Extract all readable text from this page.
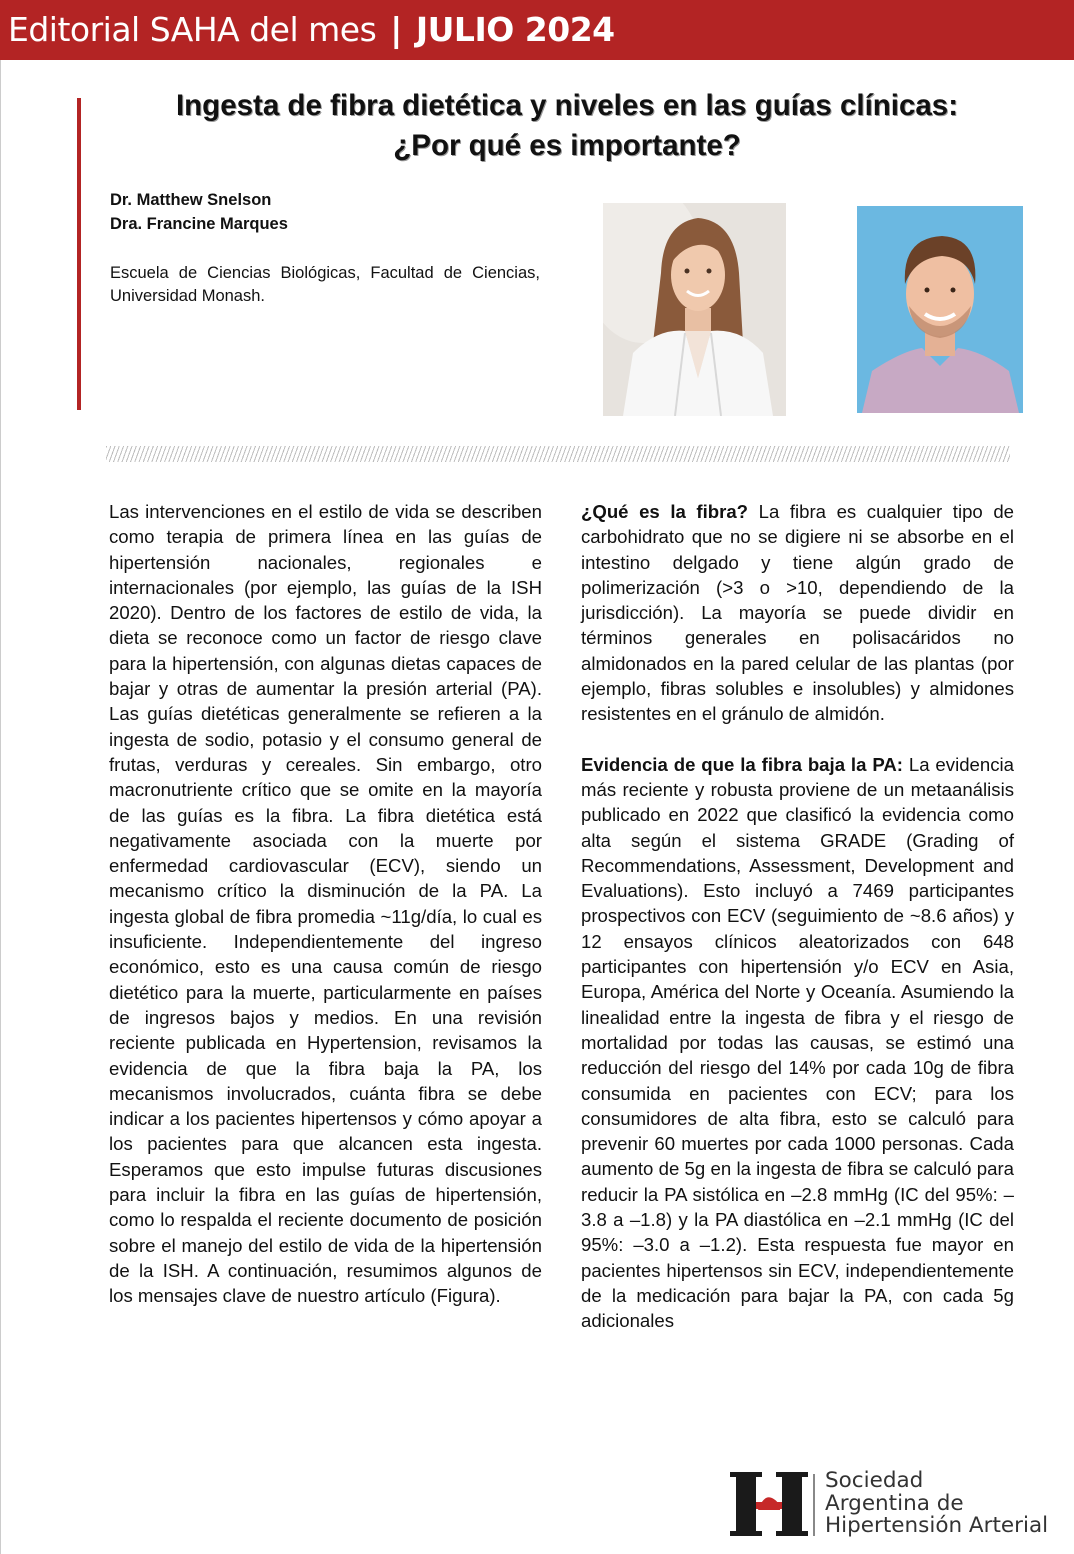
Editorial SAHA del mes | JULIO 2024
Ingesta de fibra dietética y niveles en las guías clínicas:
¿Por qué es importante?
Dr. Matthew Snelson
Dra. Francine Marques
Escuela de Ciencias Biológicas, Facultad de Ciencias, Universidad Monash.

Las intervenciones en el estilo de vida se describen como terapia de primera línea en las guías de hipertensión nacionales, regionales e internacionales (por ejemplo, las guías de la ISH 2020). Dentro de los factores de estilo de vida, la dieta se reconoce como un factor de riesgo clave para la hipertensión, con algunas dietas capaces de bajar y otras de aumentar la presión arterial (PA). Las guías dietéticas generalmente se refieren a la ingesta de sodio, potasio y el consumo general de frutas, verduras y cereales. Sin embargo, otro macronutriente crítico que se omite en la mayoría de las guías es la fibra. La fibra dietética está negativamente asociada con la muerte por enfermedad cardiovascular (ECV), siendo un mecanismo crítico la disminución de la PA. La ingesta global de fibra promedia ~11g/día, lo cual es insuficiente. Independientemente del ingreso económico, esto es una causa común de riesgo dietético para la muerte, particularmente en países de ingresos bajos y medios. En una revisión reciente publicada en Hypertension, revisamos la evidencia de que la fibra baja la PA, los mecanismos involucrados, cuánta fibra se debe indicar a los pacientes hipertensos y cómo apoyar a los pacientes para que alcancen esta ingesta. Esperamos que esto impulse futuras discusiones para incluir la fibra en las guías de hipertensión, como lo respalda el reciente documento de posición sobre el manejo del estilo de vida de la hipertensión de la ISH. A continuación, resumimos algunos de los mensajes clave de nuestro artículo (Figura).

¿Qué es la fibra? La fibra es cualquier tipo de carbohidrato que no se digiere ni se absorbe en el intestino delgado y tiene algún grado de polimerización (>3 o >10, dependiendo de la jurisdicción). La mayoría se puede dividir en términos generales en polisacáridos no almidonados en la pared celular de las plantas (por ejemplo, fibras solubles e insolubles) y almidones resistentes en el gránulo de almidón.

Evidencia de que la fibra baja la PA: La evidencia más reciente y robusta proviene de un metaanálisis publicado en 2022 que clasificó la evidencia como alta según el sistema GRADE (Grading of Recommendations, Assessment, Development and Evaluations). Esto incluyó a 7469 participantes prospectivos con ECV (seguimiento de ~8.6 años) y 12 ensayos clínicos aleatorizados con 648 participantes con hipertensión y/o ECV en Asia, Europa, América del Norte y Oceanía. Asumiendo la linealidad entre la ingesta de fibra y el riesgo de mortalidad por todas las causas, se estimó una reducción del riesgo del 14% por cada 10g de fibra consumida en pacientes con ECV; para los consumidores de alta fibra, esto se calculó para prevenir 60 muertes por cada 1000 personas. Cada aumento de 5g en la ingesta de fibra se calculó para reducir la PA sistólica en –2.8 mmHg (IC del 95%: –3.8 a –1.8) y la PA diastólica en –2.1 mmHg (IC del 95%: –3.0 a –1.2). Esta respuesta fue mayor en pacientes hipertensos sin ECV, independientemente de la medicación para bajar la PA, con cada 5g adicionales

Sociedad
Argentina de
Hipertensión Arterial
